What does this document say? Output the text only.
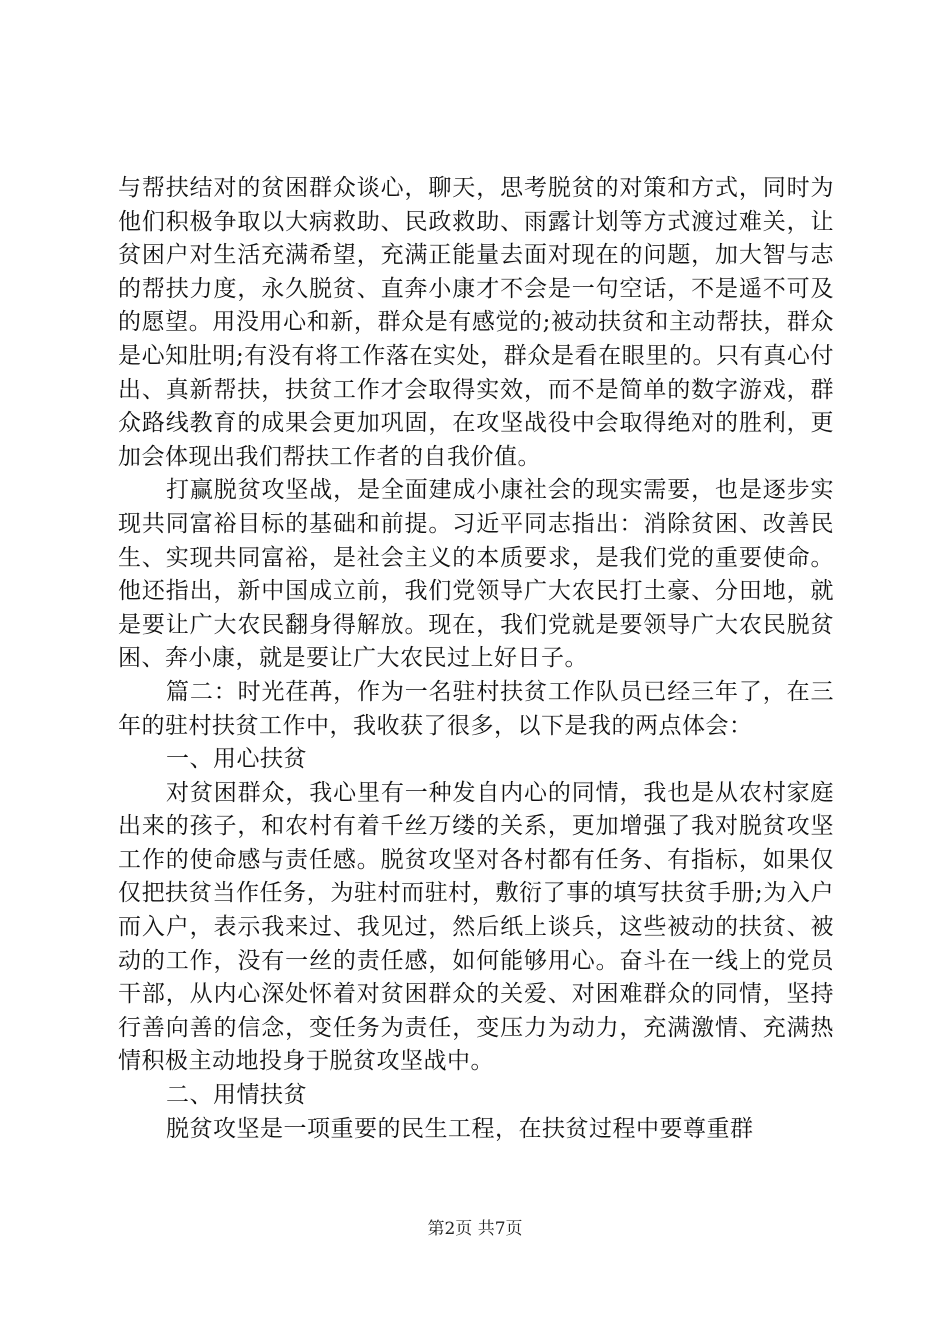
与帮扶结对的贫困群众谈心，聊天，思考脱贫的对策和方式，同时为他们积极争取以大病救助、民政救助、雨露计划等方式渡过难关，让贫困户对生活充满希望，充满正能量去面对现在的问题，加大智与志的帮扶力度，永久脱贫、直奔小康才不会是一句空话，不是遥不可及的愿望。用没用心和新，群众是有感觉的;被动扶贫和主动帮扶，群众是心知肚明;有没有将工作落在实处，群众是看在眼里的。只有真心付出、真新帮扶，扶贫工作才会取得实效，而不是简单的数字游戏，群众路线教育的成果会更加巩固，在攻坚战役中会取得绝对的胜利，更加会体现出我们帮扶工作者的自我价值。

打赢脱贫攻坚战，是全面建成小康社会的现实需要，也是逐步实现共同富裕目标的基础和前提。习近平同志指出：消除贫困、改善民生、实现共同富裕，是社会主义的本质要求，是我们党的重要使命。他还指出，新中国成立前，我们党领导广大农民打土豪、分田地，就是要让广大农民翻身得解放。现在，我们党就是要领导广大农民脱贫困、奔小康，就是要让广大农民过上好日子。

篇二：时光荏苒，作为一名驻村扶贫工作队员已经三年了，在三年的驻村扶贫工作中，我收获了很多，以下是我的两点体会：

一、用心扶贫

对贫困群众，我心里有一种发自内心的同情，我也是从农村家庭出来的孩子，和农村有着千丝万缕的关系，更加增强了我对脱贫攻坚工作的使命感与责任感。脱贫攻坚对各村都有任务、有指标，如果仅仅把扶贫当作任务，为驻村而驻村，敷衍了事的填写扶贫手册;为入户而入户，表示我来过、我见过，然后纸上谈兵，这些被动的扶贫、被动的工作，没有一丝的责任感，如何能够用心。奋斗在一线上的党员干部，从内心深处怀着对贫困群众的关爱、对困难群众的同情，坚持行善向善的信念，变任务为责任，变压力为动力，充满激情、充满热情积极主动地投身于脱贫攻坚战中。

二、用情扶贫

脱贫攻坚是一项重要的民生工程，在扶贫过程中要尊重群

第2页 共7页
